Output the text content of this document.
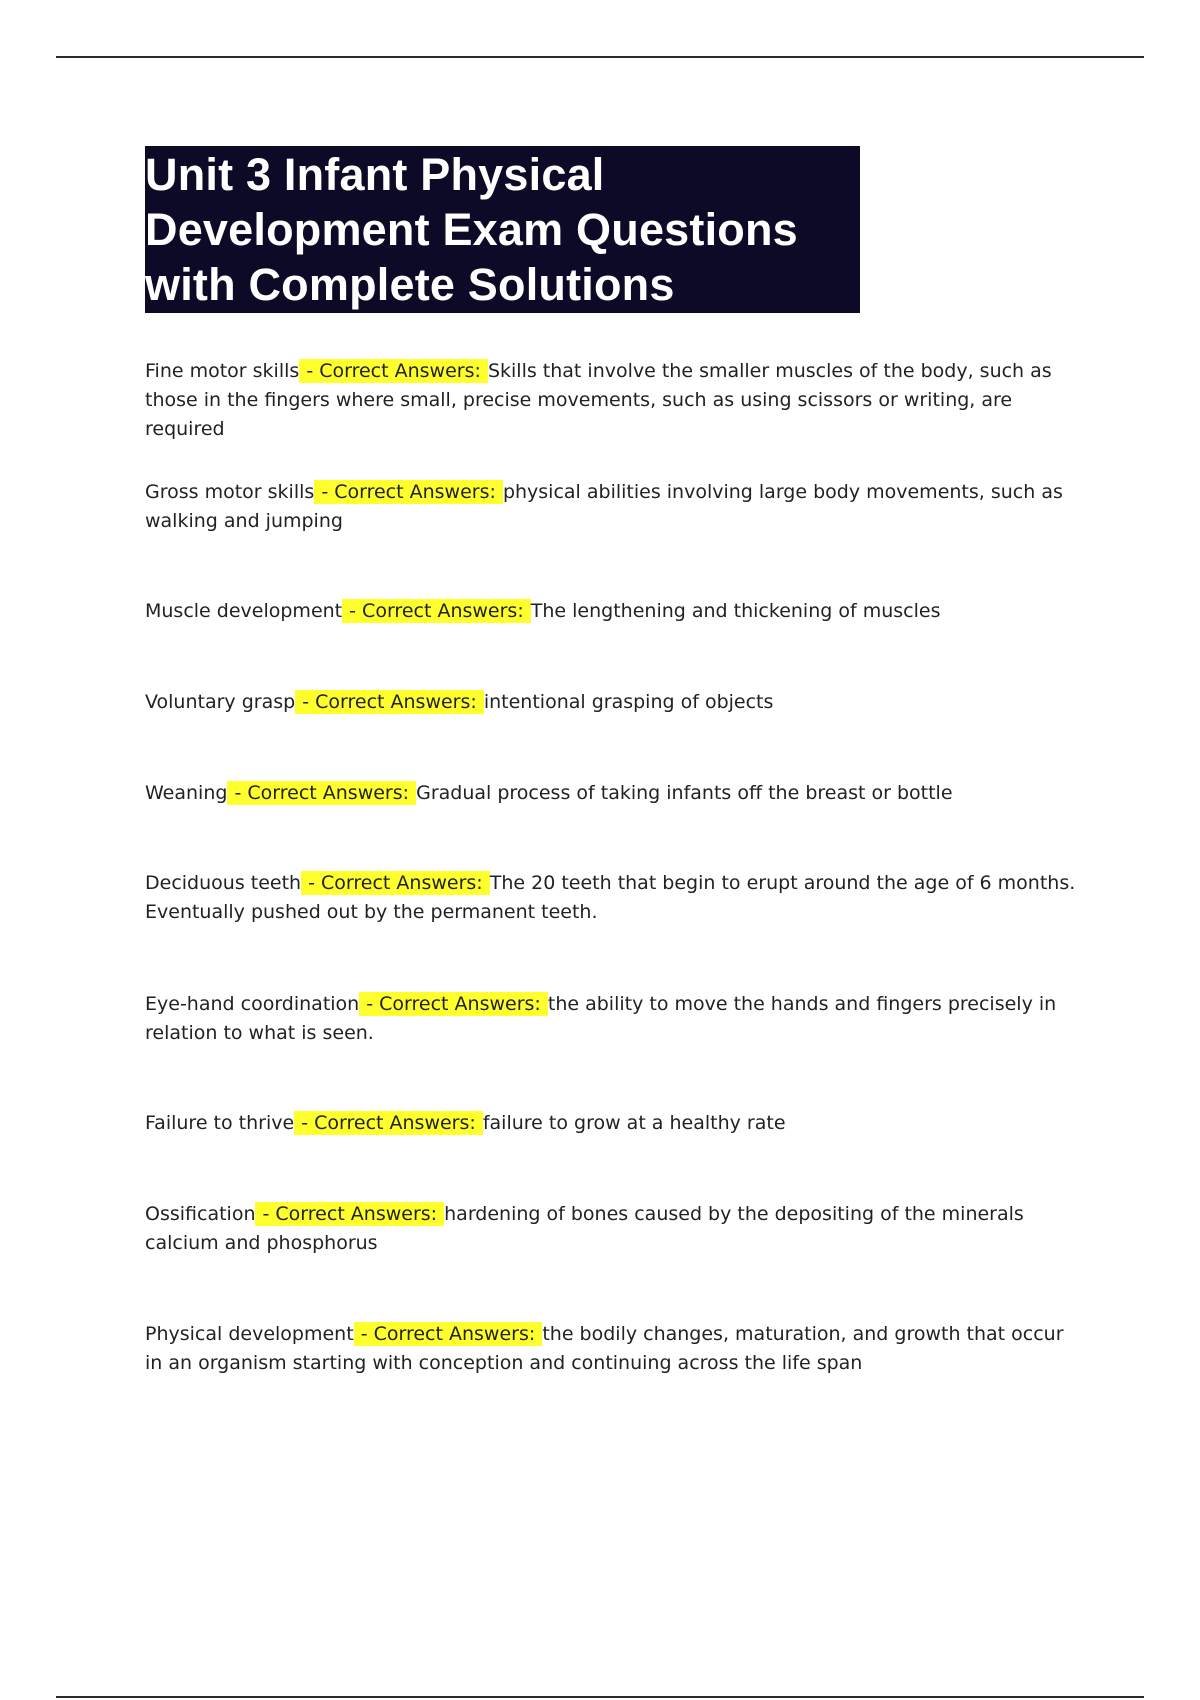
Unit 3 Infant Physical Development Exam Questions with Complete Solutions
Fine motor skills - Correct Answers: Skills that involve the smaller muscles of the body, such as those in the fingers where small, precise movements, such as using scissors or writing, are required
Gross motor skills - Correct Answers: physical abilities involving large body movements, such as walking and jumping
Muscle development - Correct Answers: The lengthening and thickening of muscles
Voluntary grasp - Correct Answers: intentional grasping of objects
Weaning - Correct Answers: Gradual process of taking infants off the breast or bottle
Deciduous teeth - Correct Answers: The 20 teeth that begin to erupt around the age of 6 months. Eventually pushed out by the permanent teeth.
Eye-hand coordination - Correct Answers: the ability to move the hands and fingers precisely in relation to what is seen.
Failure to thrive - Correct Answers: failure to grow at a healthy rate
Ossification - Correct Answers: hardening of bones caused by the depositing of the minerals calcium and phosphorus
Physical development - Correct Answers: the bodily changes, maturation, and growth that occur in an organism starting with conception and continuing across the life span
